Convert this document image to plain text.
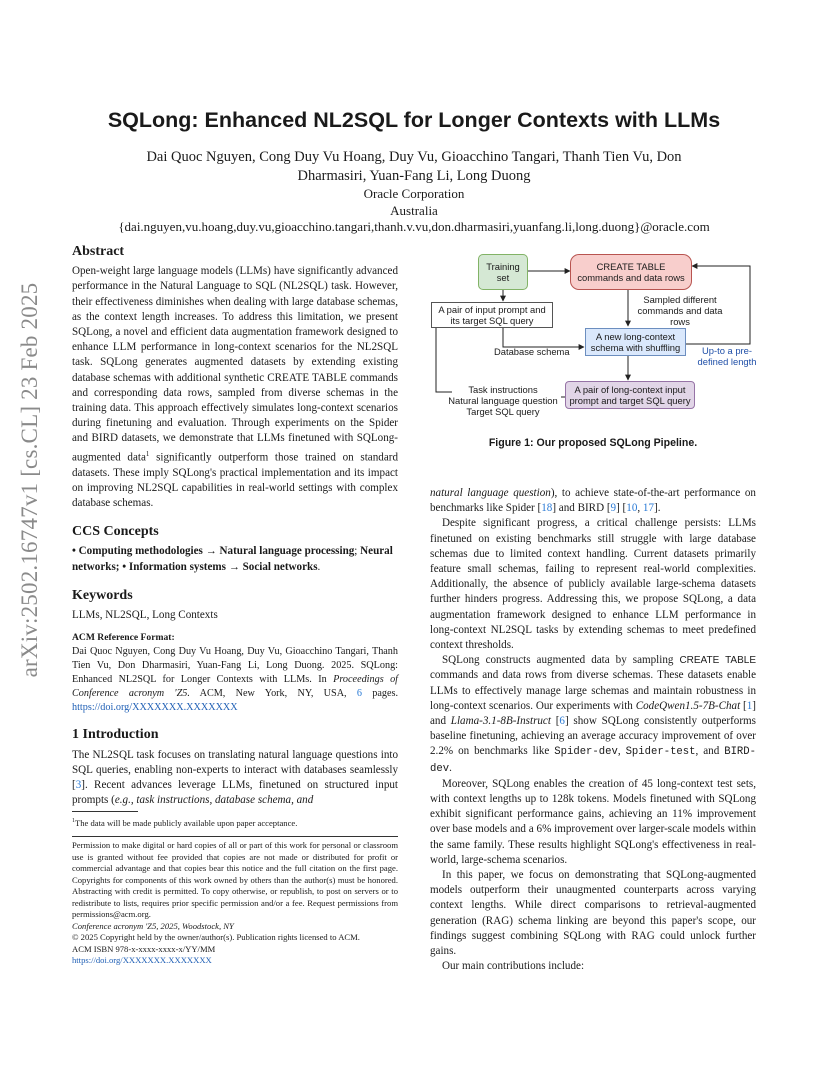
arXiv:2502.16747v1 [cs.CL] 23 Feb 2025
SQLong: Enhanced NL2SQL for Longer Contexts with LLMs
Dai Quoc Nguyen, Cong Duy Vu Hoang, Duy Vu, Gioacchino Tangari, Thanh Tien Vu, Don
Dharmasiri, Yuan-Fang Li, Long Duong
Oracle Corporation
Australia
{dai.nguyen,vu.hoang,duy.vu,gioacchino.tangari,thanh.v.vu,don.dharmasiri,yuanfang.li,long.duong}@oracle.com
Abstract

Open-weight large language models (LLMs) have significantly advanced performance in the Natural Language to SQL (NL2SQL) task. However, their effectiveness diminishes when dealing with large database schemas, as the context length increases. To address this limitation, we present SQLong, a novel and efficient data augmentation framework designed to enhance LLM performance in long-context scenarios for the NL2SQL task. SQLong generates augmented datasets by extending existing database schemas with additional synthetic CREATE TABLE commands and corresponding data rows, sampled from diverse schemas in the training data. This approach effectively simulates long-context scenarios during finetuning and evaluation. Through experiments on the Spider and BIRD datasets, we demonstrate that LLMs finetuned with SQLong-augmented data$^1$ significantly outperform those trained on standard datasets. These imply SQLong's practical implementation and its impact on improving NL2SQL capabilities in real-world settings with complex database schemas.

CCS Concepts

• Computing methodologies → Natural language processing; Neural networks; • Information systems → Social networks.

Keywords

LLMs, NL2SQL, Long Contexts

ACM Reference Format:
Dai Quoc Nguyen, Cong Duy Vu Hoang, Duy Vu, Gioacchino Tangari, Thanh Tien Vu, Don Dharmasiri, Yuan-Fang Li, Long Duong. 2025. SQLong: Enhanced NL2SQL for Longer Contexts with LLMs. In Proceedings of Conference acronym 'Z5. ACM, New York, NY, USA, 6 pages. https://doi.org/XXXXXXX.XXXXXXX

1 Introduction

The NL2SQL task focuses on translating natural language questions into SQL queries, enabling non-experts to interact with databases seamlessly [3]. Recent advances leverage LLMs, finetuned on structured input prompts (e.g., task instructions, database schema, and

$^1$The data will be made publicly available upon paper acceptance.
Permission to make digital or hard copies of all or part of this work for personal or classroom use is granted without fee provided that copies are not made or distributed for profit or commercial advantage and that copies bear this notice and the full citation on the first page. Copyrights for components of this work owned by others than the author(s) must be honored. Abstracting with credit is permitted. To copy otherwise, or republish, to post on servers or to redistribute to lists, requires prior specific permission and/or a fee. Request permissions from permissions@acm.org.
Conference acronym 'Z5, 2025, Woodstock, NY
© 2025 Copyright held by the owner/author(s). Publication rights licensed to ACM.
ACM ISBN 978-x-xxxx-xxxx-x/YY/MM
https://doi.org/XXXXXXX.XXXXXXX
Training
set
CREATE TABLE
commands and data rows
A pair of input prompt and
its target SQL query
Sampled different
commands and data rows
A new long-context
schema with shuffling
Database schema	Up-to a pre-
defined length
Task instructions
Natural language question
Target SQL query
A pair of long-context input
prompt and target SQL query
Figure 1: Our proposed SQLong Pipeline.

natural language question), to achieve state-of-the-art performance on benchmarks like Spider [18] and BIRD [9] [10, 17].

Despite significant progress, a critical challenge persists: LLMs finetuned on existing benchmarks still struggle with large database schemas due to limited context handling. Current datasets primarily feature small schemas, failing to represent real-world complexities. Additionally, the absence of publicly available large-schema datasets further hinders progress. Addressing this, we propose SQLong, a data augmentation framework designed to enhance LLM performance in long-context NL2SQL tasks by extending schemas to meet predefined context thresholds.

SQLong constructs augmented data by sampling CREATE TABLE commands and data rows from diverse schemas. These datasets enable LLMs to effectively manage large schemas and maintain robustness in long-context scenarios. Our experiments with CodeQwen1.5-7B-Chat [1] and Llama-3.1-8B-Instruct [6] show SQLong consistently outperforms baseline finetuning, achieving an average accuracy improvement of over 2.2% on benchmarks like Spider-dev, Spider-test, and BIRD-dev.

Moreover, SQLong enables the creation of 45 long-context test sets, with context lengths up to 128k tokens. Models finetuned with SQLong exhibit significant performance gains, achieving an 11% improvement over base models and a 6% improvement over larger-scale models within the same family. These results highlight SQLong's effectiveness in real-world, large-schema scenarios.

In this paper, we focus on demonstrating that SQLong-augmented models outperform their unaugmented counterparts across varying context lengths. While direct comparisons to retrieval-augmented generation (RAG) schema linking are beyond this paper's scope, our findings suggest combining SQLong with RAG could unlock further gains.

Our main contributions include:
